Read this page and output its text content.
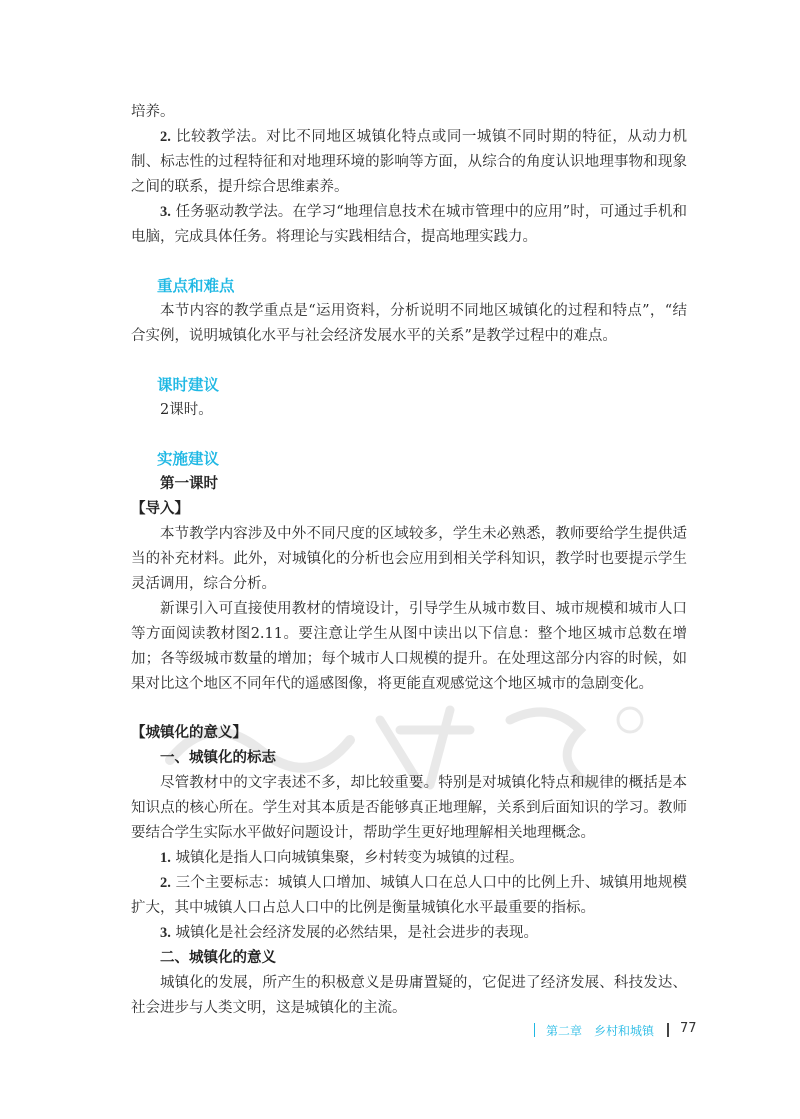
培养。

2. 比较教学法。对比不同地区城镇化特点或同一城镇不同时期的特征，从动力机制、标志性的过程特征和对地理环境的影响等方面，从综合的角度认识地理事物和现象之间的联系，提升综合思维素养。

3. 任务驱动教学法。在学习“地理信息技术在城市管理中的应用”时，可通过手机和电脑，完成具体任务。将理论与实践相结合，提高地理实践力。

重点和难点

本节内容的教学重点是“运用资料，分析说明不同地区城镇化的过程和特点”，“结合实例，说明城镇化水平与社会经济发展水平的关系”是教学过程中的难点。

课时建议

2课时。

实施建议
第一课时
【导入】

本节教学内容涉及中外不同尺度的区域较多，学生未必熟悉，教师要给学生提供适当的补充材料。此外，对城镇化的分析也会应用到相关学科知识，教学时也要提示学生灵活调用，综合分析。

新课引入可直接使用教材的情境设计，引导学生从城市数目、城市规模和城市人口等方面阅读教材图2.11。要注意让学生从图中读出以下信息：整个地区城市总数在增加；各等级城市数量的增加；每个城市人口规模的提升。在处理这部分内容的时候，如果对比这个地区不同年代的遥感图像，将更能直观感觉这个地区城市的急剧变化。

【城镇化的意义】
一、城镇化的标志

尽管教材中的文字表述不多，却比较重要。特别是对城镇化特点和规律的概括是本知识点的核心所在。学生对其本质是否能够真正地理解，关系到后面知识的学习。教师要结合学生实际水平做好问题设计，帮助学生更好地理解相关地理概念。

1. 城镇化是指人口向城镇集聚，乡村转变为城镇的过程。

2. 三个主要标志：城镇人口增加、城镇人口在总人口中的比例上升、城镇用地规模扩大，其中城镇人口占总人口中的比例是衡量城镇化水平最重要的指标。

3. 城镇化是社会经济发展的必然结果，是社会进步的表现。

二、城镇化的意义

城镇化的发展，所产生的积极意义是毋庸置疑的，它促进了经济发展、科技发达、社会进步与人类文明，这是城镇化的主流。

第二章　乡村和城镇 77
